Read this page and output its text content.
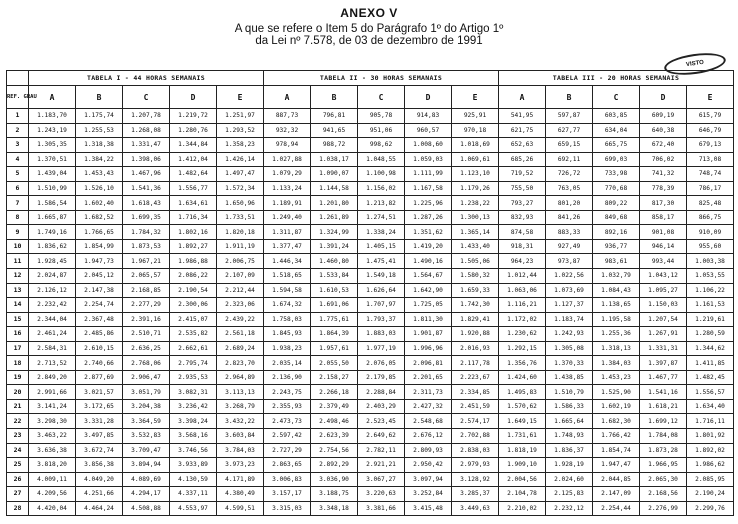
ANEXO V
A que se refere o Item 5 do Parágrafo 1º do Artigo 1º
da Lei nº 7.578, de 03 de dezembro de 1991
VISTO
	TABELA I - 44 HORAS SEMANAIS					TABELA II - 30 HORAS SEMANAIS					TABELA III - 20 HORAS SEMANAIS				
REF. GRAU	A	B	C	D	E	A	B	C	D	E	A	B	C	D	E
1	1.183,70	1.175,74	1.207,78	1.219,72	1.251,97	887,73	796,81	905,78	914,83	925,91	541,95	597,87	603,85	609,19	615,79
2	1.243,19	1.255,53	1.268,08	1.280,76	1.293,52	932,32	941,65	951,06	960,57	970,18	621,75	627,77	634,04	640,38	646,79
3	1.305,35	1.318,38	1.331,47	1.344,84	1.358,23	978,94	988,72	998,62	1.008,60	1.018,69	652,63	659,15	665,75	672,40	679,13
4	1.370,51	1.384,22	1.398,06	1.412,04	1.426,14	1.027,88	1.038,17	1.048,55	1.059,03	1.069,61	685,26	692,11	699,03	706,02	713,08
5	1.439,04	1.453,43	1.467,96	1.482,64	1.497,47	1.079,29	1.090,07	1.100,98	1.111,99	1.123,10	719,52	726,72	733,98	741,32	748,74
6	1.510,99	1.526,10	1.541,36	1.556,77	1.572,34	1.133,24	1.144,58	1.156,02	1.167,58	1.179,26	755,50	763,05	770,68	778,39	786,17
7	1.586,54	1.602,40	1.618,43	1.634,61	1.650,96	1.189,91	1.201,80	1.213,82	1.225,96	1.238,22	793,27	801,20	809,22	817,30	825,48
8	1.665,87	1.682,52	1.699,35	1.716,34	1.733,51	1.249,40	1.261,89	1.274,51	1.287,26	1.300,13	832,93	841,26	849,68	858,17	866,75
9	1.749,16	1.766,65	1.784,32	1.802,16	1.820,18	1.311,87	1.324,99	1.338,24	1.351,62	1.365,14	874,58	883,33	892,16	901,08	910,09
10	1.836,62	1.854,99	1.873,53	1.892,27	1.911,19	1.377,47	1.391,24	1.405,15	1.419,20	1.433,40	918,31	927,49	936,77	946,14	955,60
11	1.928,45	1.947,73	1.967,21	1.986,88	2.006,75	1.446,34	1.460,80	1.475,41	1.490,16	1.505,06	964,23	973,87	983,61	993,44	1.003,38
12	2.024,87	2.045,12	2.065,57	2.086,22	2.107,09	1.518,65	1.533,84	1.549,18	1.564,67	1.580,32	1.012,44	1.022,56	1.032,79	1.043,12	1.053,55
13	2.126,12	2.147,38	2.168,85	2.190,54	2.212,44	1.594,58	1.610,53	1.626,64	1.642,90	1.659,33	1.063,06	1.073,69	1.084,43	1.095,27	1.106,22
14	2.232,42	2.254,74	2.277,29	2.300,06	2.323,06	1.674,32	1.691,06	1.707,97	1.725,05	1.742,30	1.116,21	1.127,37	1.138,65	1.150,03	1.161,53
15	2.344,04	2.367,48	2.391,16	2.415,07	2.439,22	1.758,03	1.775,61	1.793,37	1.811,30	1.829,41	1.172,02	1.183,74	1.195,58	1.207,54	1.219,61
16	2.461,24	2.485,86	2.510,71	2.535,82	2.561,18	1.845,93	1.864,39	1.883,03	1.901,87	1.920,88	1.230,62	1.242,93	1.255,36	1.267,91	1.280,59
17	2.584,31	2.610,15	2.636,25	2.662,61	2.689,24	1.938,23	1.957,61	1.977,19	1.996,96	2.016,93	1.292,15	1.305,08	1.318,13	1.331,31	1.344,62
18	2.713,52	2.740,66	2.768,06	2.795,74	2.823,70	2.035,14	2.055,50	2.076,05	2.096,81	2.117,78	1.356,76	1.370,33	1.384,03	1.397,87	1.411,85
19	2.849,20	2.877,69	2.906,47	2.935,53	2.964,89	2.136,90	2.158,27	2.179,85	2.201,65	2.223,67	1.424,60	1.438,85	1.453,23	1.467,77	1.482,45
20	2.991,66	3.021,57	3.051,79	3.082,31	3.113,13	2.243,75	2.266,18	2.288,84	2.311,73	2.334,85	1.495,83	1.510,79	1.525,90	1.541,16	1.556,57
21	3.141,24	3.172,65	3.204,38	3.236,42	3.268,79	2.355,93	2.379,49	2.403,29	2.427,32	2.451,59	1.570,62	1.586,33	1.602,19	1.618,21	1.634,40
22	3.298,30	3.331,28	3.364,59	3.398,24	3.432,22	2.473,73	2.498,46	2.523,45	2.548,68	2.574,17	1.649,15	1.665,64	1.682,30	1.699,12	1.716,11
23	3.463,22	3.497,85	3.532,83	3.568,16	3.603,84	2.597,42	2.623,39	2.649,62	2.676,12	2.702,88	1.731,61	1.748,93	1.766,42	1.784,08	1.801,92
24	3.636,38	3.672,74	3.709,47	3.746,56	3.784,03	2.727,29	2.754,56	2.782,11	2.809,93	2.838,03	1.818,19	1.836,37	1.854,74	1.873,28	1.892,02
25	3.818,20	3.856,38	3.894,94	3.933,89	3.973,23	2.863,65	2.892,29	2.921,21	2.950,42	2.979,93	1.909,10	1.928,19	1.947,47	1.966,95	1.986,62
26	4.009,11	4.049,20	4.089,69	4.130,59	4.171,89	3.006,83	3.036,90	3.067,27	3.097,94	3.128,92	2.004,56	2.024,60	2.044,85	2.065,30	2.085,95
27	4.209,56	4.251,66	4.294,17	4.337,11	4.380,49	3.157,17	3.188,75	3.220,63	3.252,84	3.285,37	2.104,78	2.125,83	2.147,09	2.168,56	2.190,24
28	4.420,04	4.464,24	4.508,88	4.553,97	4.599,51	3.315,03	3.348,18	3.381,66	3.415,48	3.449,63	2.210,02	2.232,12	2.254,44	2.276,99	2.299,76
